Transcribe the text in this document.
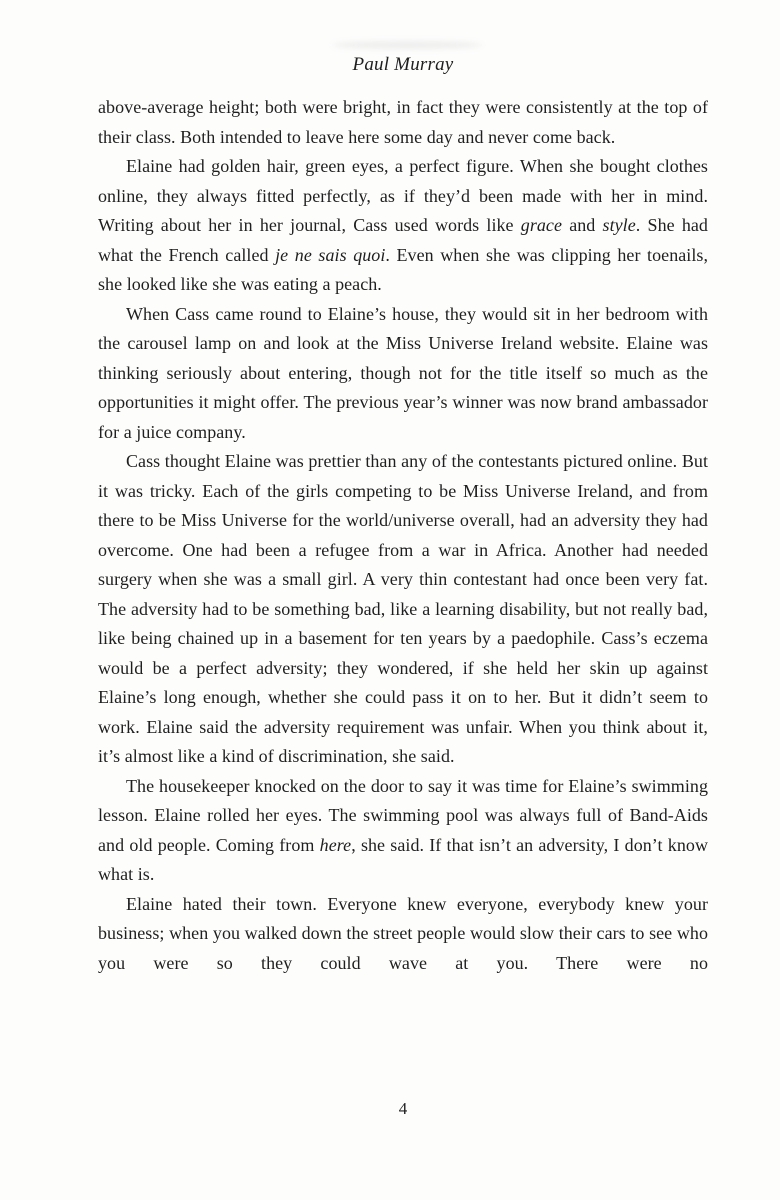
Paul Murray

above-average height; both were bright, in fact they were consistently at the top of their class. Both intended to leave here some day and never come back.

Elaine had golden hair, green eyes, a perfect figure. When she bought clothes online, they always fitted perfectly, as if they’d been made with her in mind. Writing about her in her journal, Cass used words like grace and style. She had what the French called je ne sais quoi. Even when she was clipping her toenails, she looked like she was eating a peach.

When Cass came round to Elaine’s house, they would sit in her bedroom with the carousel lamp on and look at the Miss Universe Ireland website. Elaine was thinking seriously about entering, though not for the title itself so much as the opportunities it might offer. The previous year’s winner was now brand ambassador for a juice company.

Cass thought Elaine was prettier than any of the contestants pictured online. But it was tricky. Each of the girls competing to be Miss Universe Ireland, and from there to be Miss Universe for the world/universe overall, had an adversity they had overcome. One had been a refugee from a war in Africa. Another had needed surgery when she was a small girl. A very thin contestant had once been very fat. The adversity had to be something bad, like a learning disability, but not really bad, like being chained up in a basement for ten years by a paedophile. Cass’s eczema would be a perfect adversity; they wondered, if she held her skin up against Elaine’s long enough, whether she could pass it on to her. But it didn’t seem to work. Elaine said the adversity requirement was unfair. When you think about it, it’s almost like a kind of discrimination, she said.

The housekeeper knocked on the door to say it was time for Elaine’s swimming lesson. Elaine rolled her eyes. The swimming pool was always full of Band-Aids and old people. Coming from here, she said. If that isn’t an adversity, I don’t know what is.

Elaine hated their town. Everyone knew everyone, everybody knew your business; when you walked down the street people would slow their cars to see who you were so they could wave at you. There were no

4
